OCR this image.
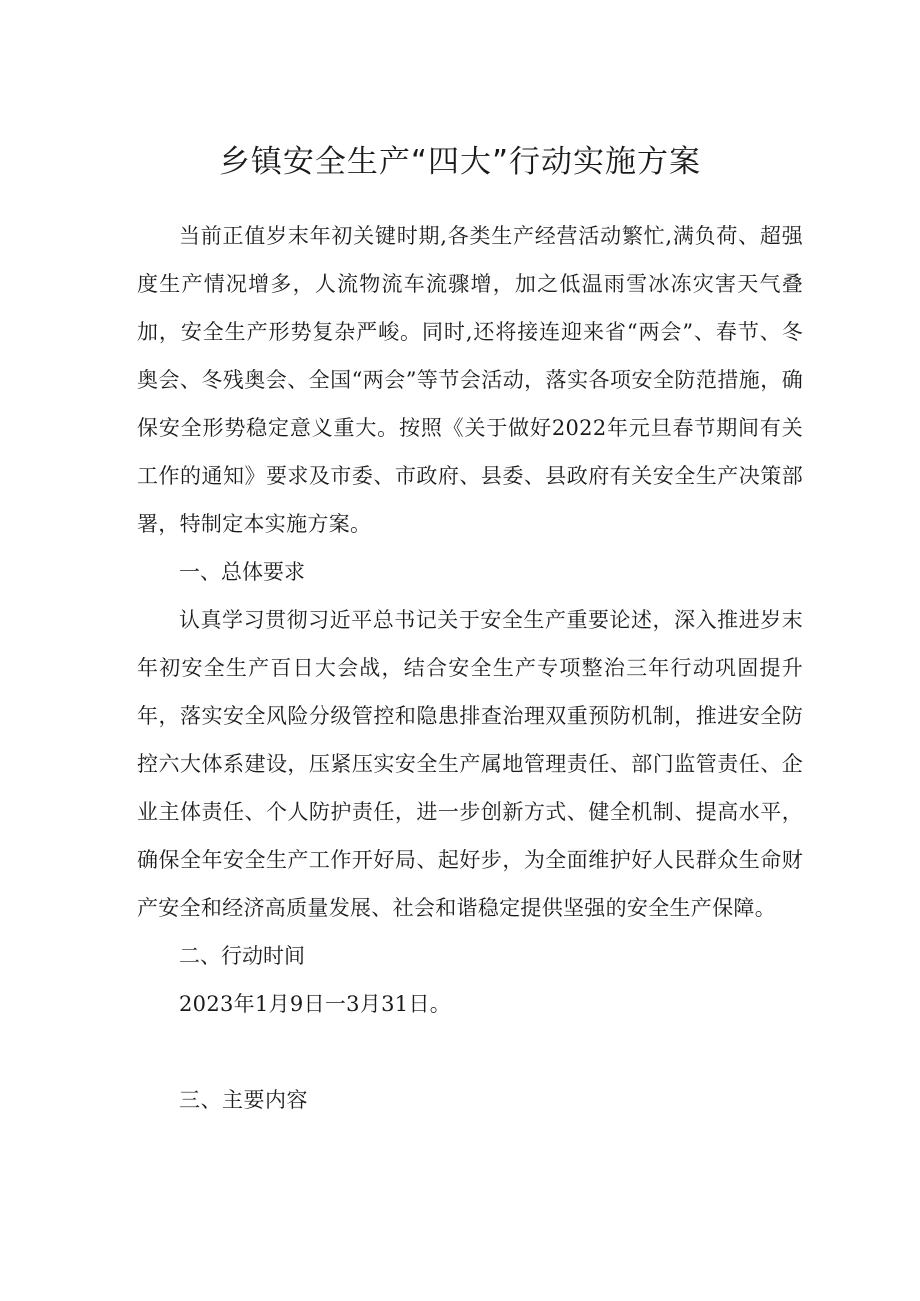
乡镇安全生产“四大”行动实施方案

当前正值岁末年初关键时期,各类生产经营活动繁忙,满负荷、超强度生产情况增多，人流物流车流骤增，加之低温雨雪冰冻灾害天气叠加，安全生产形势复杂严峻。同时,还将接连迎来省“两会”、春节、冬奥会、冬残奥会、全国“两会”等节会活动，落实各项安全防范措施，确保安全形势稳定意义重大。按照《关于做好2022年元旦春节期间有关工作的通知》要求及市委、市政府、县委、县政府有关安全生产决策部署，特制定本实施方案。

一、总体要求

认真学习贯彻习近平总书记关于安全生产重要论述，深入推进岁末年初安全生产百日大会战，结合安全生产专项整治三年行动巩固提升年，落实安全风险分级管控和隐患排查治理双重预防机制，推进安全防控六大体系建设，压紧压实安全生产属地管理责任、部门监管责任、企业主体责任、个人防护责任，进一步创新方式、健全机制、提高水平，确保全年安全生产工作开好局、起好步，为全面维护好人民群众生命财产安全和经济高质量发展、社会和谐稳定提供坚强的安全生产保障。

二、行动时间

2023年1月9日一3月31日。

三、主要内容
